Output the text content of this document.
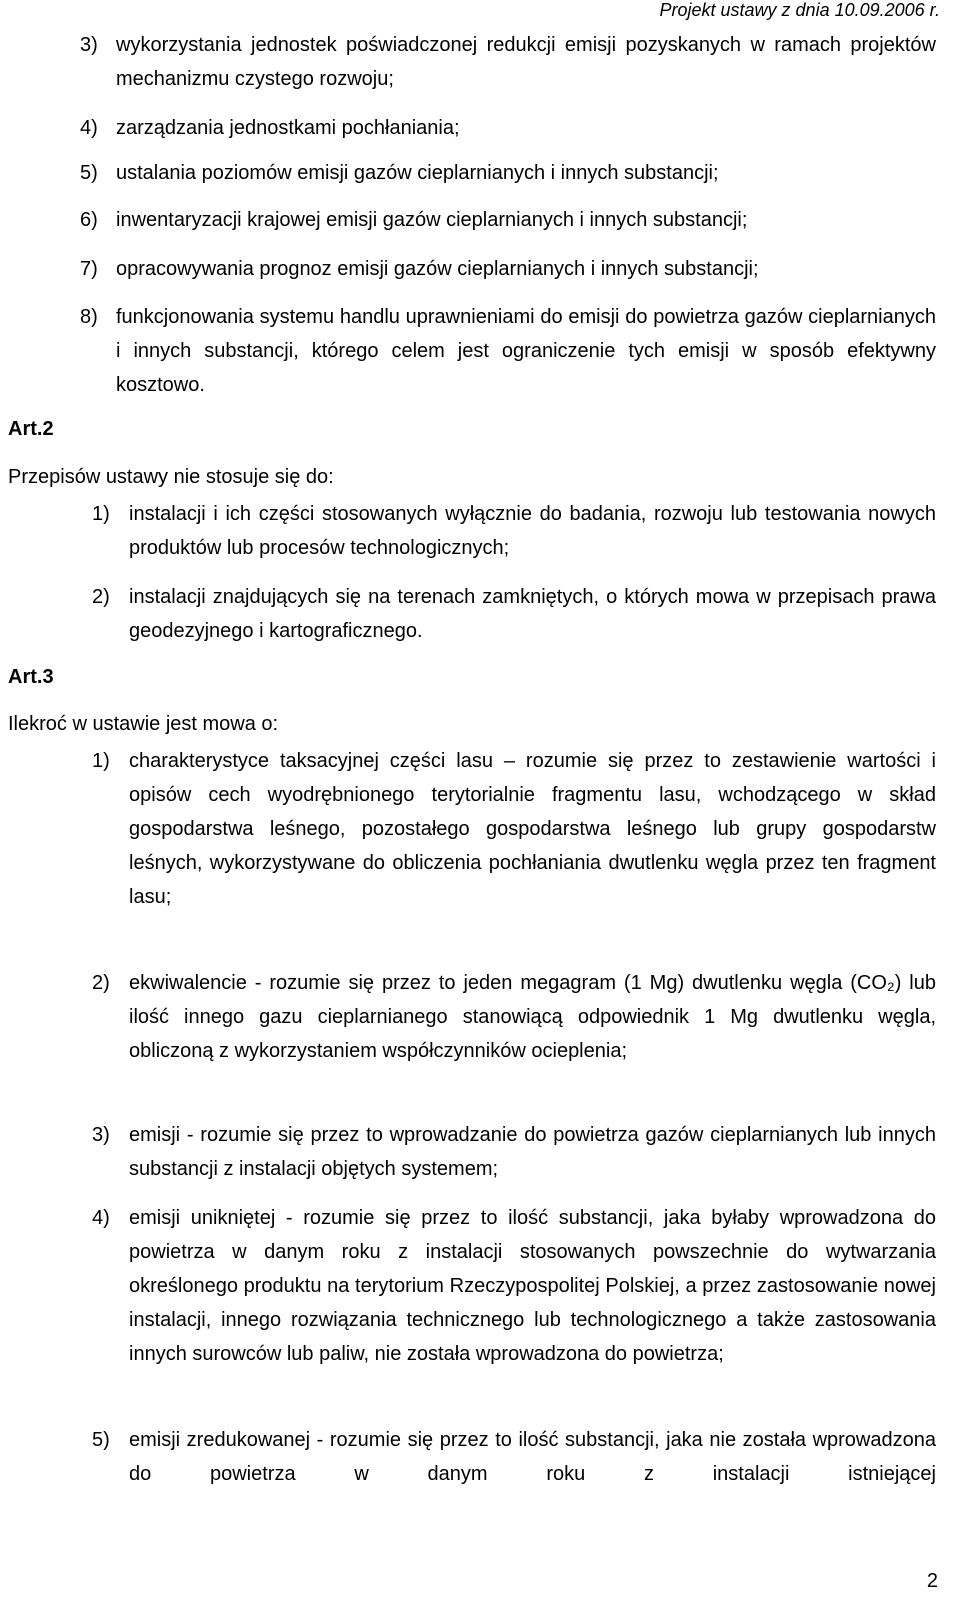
Projekt ustawy z dnia 10.09.2006 r.
3) wykorzystania jednostek poświadczonej redukcji emisji pozyskanych w ramach projektów mechanizmu czystego rozwoju;
4) zarządzania jednostkami pochłaniania;
5) ustalania poziomów emisji gazów cieplarnianych i innych substancji;
6) inwentaryzacji krajowej emisji gazów cieplarnianych i innych substancji;
7) opracowywania prognoz emisji gazów cieplarnianych i innych substancji;
8) funkcjonowania systemu handlu uprawnieniami do emisji do powietrza gazów cieplarnianych i innych substancji, którego celem jest ograniczenie tych emisji w sposób efektywny kosztowo.
Art.2
Przepisów ustawy nie stosuje się do:
1) instalacji i ich części stosowanych wyłącznie do badania, rozwoju lub testowania nowych produktów lub procesów technologicznych;
2) instalacji znajdujących się na terenach zamkniętych, o których mowa w przepisach prawa geodezyjnego i kartograficznego.
Art.3
Ilekroć w ustawie jest mowa o:
1) charakterystyce taksacyjnej części lasu – rozumie się przez to zestawienie wartości i opisów cech wyodrębnionego terytorialnie fragmentu lasu, wchodzącego w skład gospodarstwa leśnego, pozostałego gospodarstwa leśnego lub grupy gospodarstw leśnych, wykorzystywane do obliczenia pochłaniania dwutlenku węgla przez ten fragment lasu;
2) ekwiwalencie - rozumie się przez to jeden megagram (1 Mg) dwutlenku węgla (CO₂) lub ilość innego gazu cieplarnianego stanowiącą odpowiednik 1 Mg dwutlenku węgla, obliczoną z wykorzystaniem współczynników ocieplenia;
3) emisji - rozumie się przez to wprowadzanie do powietrza gazów cieplarnianych lub innych substancji z instalacji objętych systemem;
4) emisji unikniętej - rozumie się przez to ilość substancji, jaka byłaby wprowadzona do powietrza w danym roku z instalacji stosowanych powszechnie do wytwarzania określonego produktu na terytorium Rzeczypospolitej Polskiej, a przez zastosowanie nowej instalacji, innego rozwiązania technicznego lub technologicznego a także zastosowania innych surowców lub paliw, nie została wprowadzona do powietrza;
5) emisji zredukowanej - rozumie się przez to ilość substancji, jaka nie została wprowadzona do powietrza w danym roku z instalacji istniejącej
2
